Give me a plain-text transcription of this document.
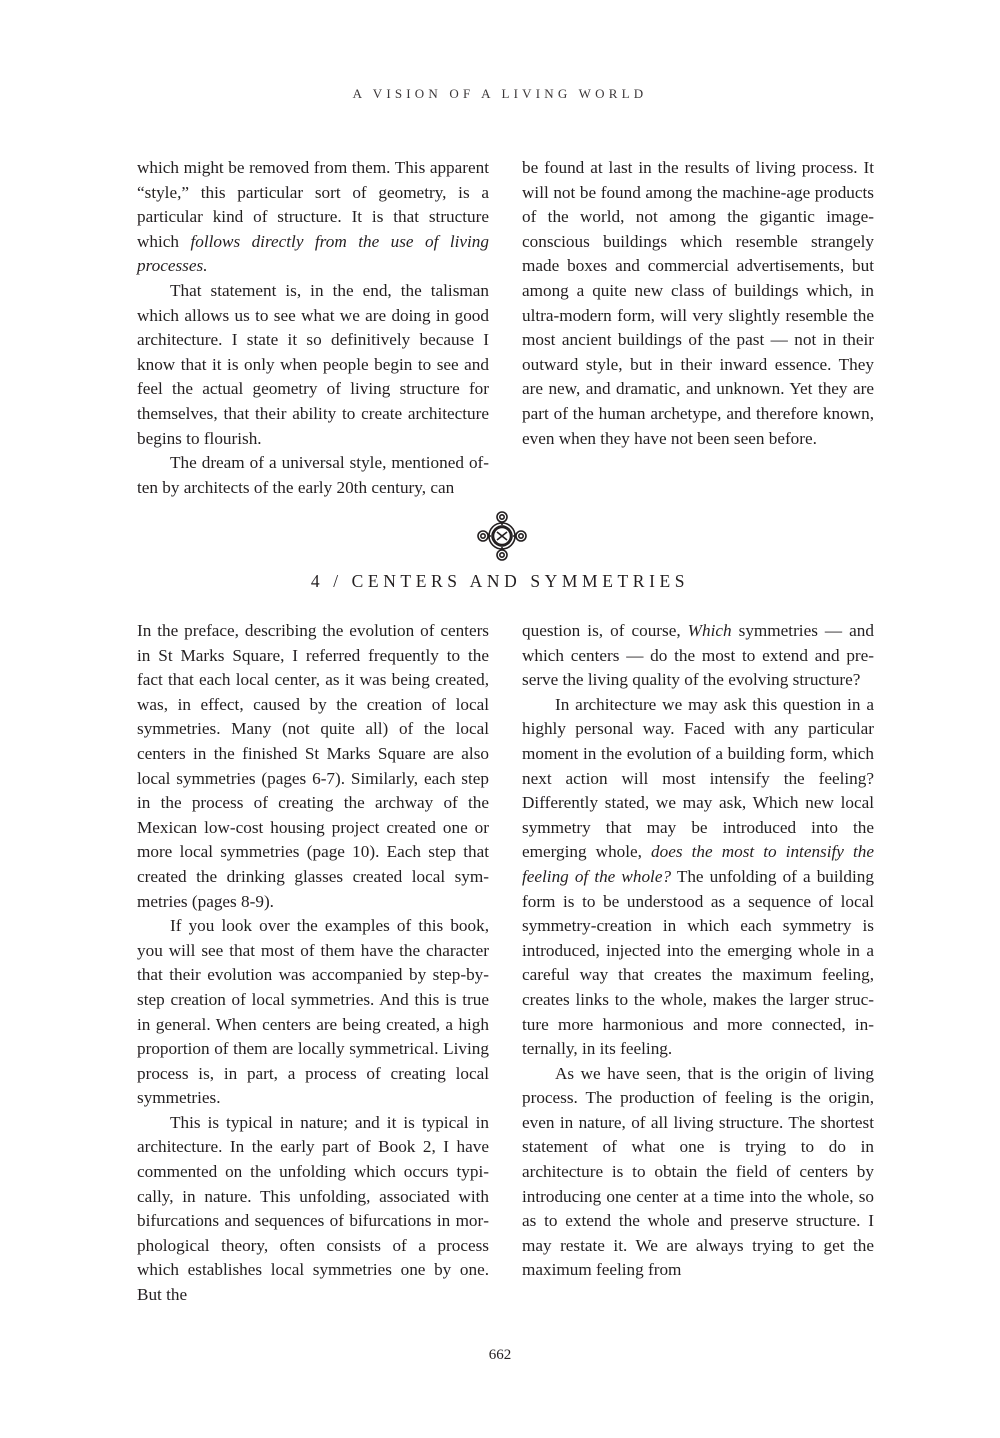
A VISION OF A LIVING WORLD

which might be removed from them. This apparent “style,” this particular sort of geometry, is a particular kind of structure. It is that structure which follows directly from the use of living processes.

That statement is, in the end, the talisman which allows us to see what we are doing in good architecture. I state it so definitively because I know that it is only when people begin to see and feel the actual geometry of living structure for themselves, that their ability to create architecture begins to flourish.

The dream of a universal style, mentioned often by architects of the early 20th century, can

be found at last in the results of living process. It will not be found among the machine-age products of the world, not among the gigantic image-conscious buildings which resemble strangely made boxes and commercial advertisements, but among a quite new class of buildings which, in ultra-modern form, will very slightly resemble the most ancient buildings of the past — not in their outward style, but in their inward essence. They are new, and dramatic, and unknown. Yet they are part of the human archetype, and therefore known, even when they have not been seen before.

4 / CENTERS AND SYMMETRIES

In the preface, describing the evolution of centers in St Marks Square, I referred frequently to the fact that each local center, as it was being created, was, in effect, caused by the creation of local symmetries. Many (not quite all) of the local centers in the finished St Marks Square are also local symmetries (pages 6-7). Similarly, each step in the process of creating the archway of the Mexican low-cost housing project created one or more local symmetries (page 10). Each step that created the drinking glasses created local symmetries (pages 8-9).

If you look over the examples of this book, you will see that most of them have the character that their evolution was accompanied by step-by-step creation of local symmetries. And this is true in general. When centers are being created, a high proportion of them are locally symmetrical. Living process is, in part, a process of creating local symmetries.

This is typical in nature; and it is typical in architecture. In the early part of Book 2, I have commented on the unfolding which occurs typically, in nature. This unfolding, associated with bifurcations and sequences of bifurcations in morphological theory, often consists of a process which establishes local symmetries one by one. But the

question is, of course, Which symmetries — and which centers — do the most to extend and preserve the living quality of the evolving structure?

In architecture we may ask this question in a highly personal way. Faced with any particular moment in the evolution of a building form, which next action will most intensify the feeling? Differently stated, we may ask, Which new local symmetry that may be introduced into the emerging whole, does the most to intensify the feeling of the whole? The unfolding of a building form is to be understood as a sequence of local symmetry-creation in which each symmetry is introduced, injected into the emerging whole in a careful way that creates the maximum feeling, creates links to the whole, makes the larger structure more harmonious and more connected, internally, in its feeling.

As we have seen, that is the origin of living process. The production of feeling is the origin, even in nature, of all living structure. The shortest statement of what one is trying to do in architecture is to obtain the field of centers by introducing one center at a time into the whole, so as to extend the whole and preserve structure. I may restate it. We are always trying to get the maximum feeling from

662
